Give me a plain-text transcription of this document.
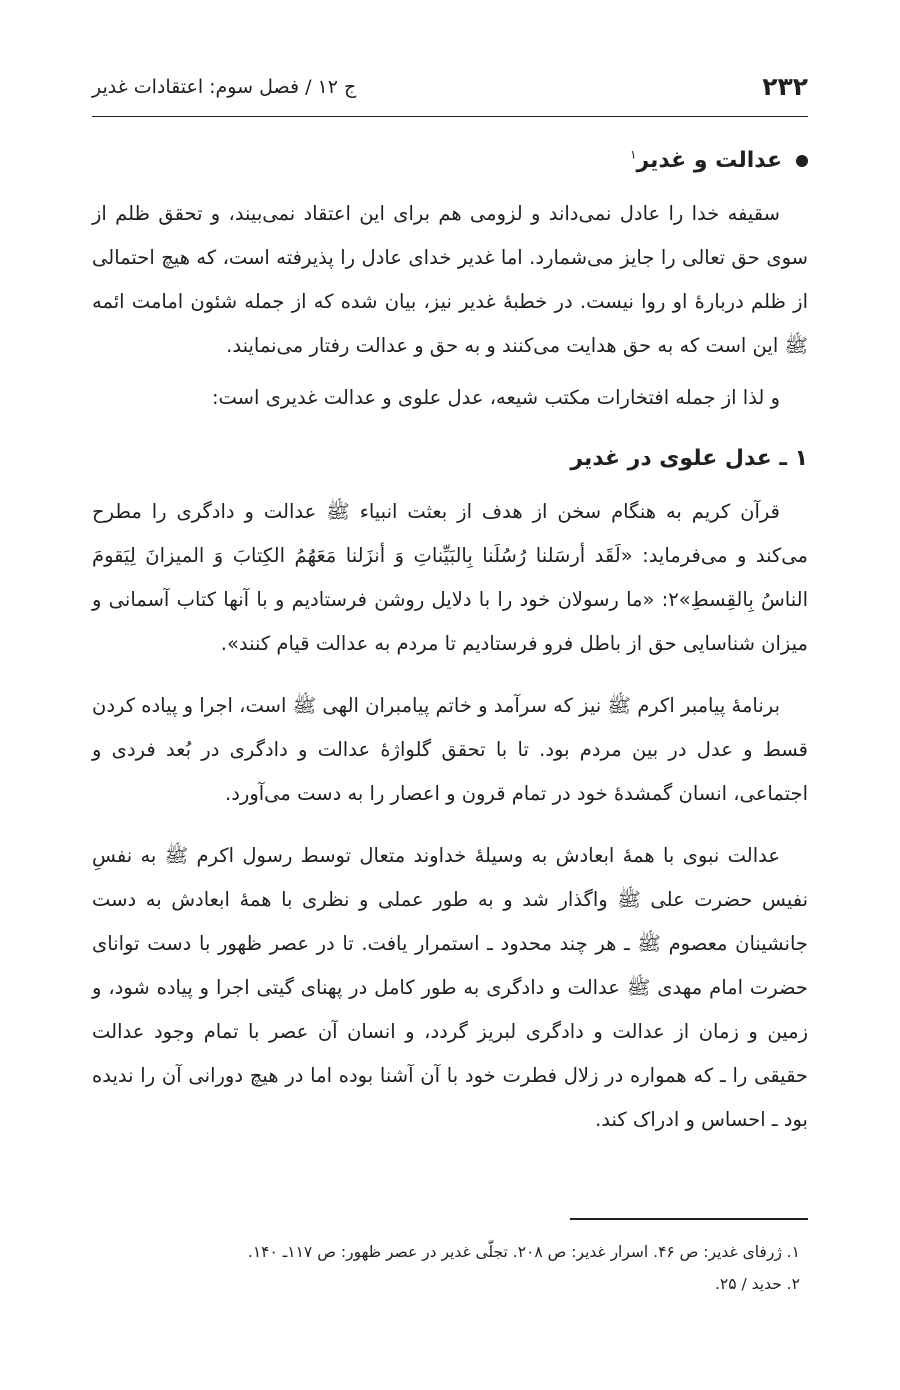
۲۳۲
ج ۱۲ / فصل سوم: اعتقادات غدیر
عدالت و غدیر$^۱$

سقیفه خدا را عادل نمی‌داند و لزومی هم برای این اعتقاد نمی‌بیند، و تحقق ظلم از سوی حق تعالی را جایز می‌شمارد. اما غدیر خدای عادل را پذیرفته است، که هیچ احتمالی از ظلم دربارۀ او روا نیست. در خطبۀ غدیر نیز، بیان شده که از جمله شئون امامت ائمه ﷺ این است که به حق هدایت می‌کنند و به حق و عدالت رفتار می‌نمایند.

و لذا از جمله افتخارات مکتب شیعه، عدل علوی و عدالت غدیری است:

۱ ـ عدل علوی در غدیر

قرآن کریم به هنگام سخن از هدف از بعثت انبیاء ﷺ عدالت و دادگری را مطرح می‌کند و می‌فرماید: «لَقَد أرسَلنا رُسُلَنا بِالبَیِّناتِ وَ أنزَلنا مَعَهُمُ الکِتابَ وَ المیزانَ لِیَقومَ الناسُ بِالقِسطِ»۲: «ما رسولان خود را با دلایل روشن فرستادیم و با آنها کتاب آسمانی و میزان شناسایی حق از باطل فرو فرستادیم تا مردم به عدالت قیام کنند».

برنامۀ پیامبر اکرم ﷺ نیز که سرآمد و خاتم پیامبران الهی ﷺ است، اجرا و پیاده کردن قسط و عدل در بین مردم بود. تا با تحقق گلواژۀ عدالت و دادگری در بُعد فردی و اجتماعی، انسان گمشدۀ خود در تمام قرون و اعصار را به دست می‌آورد.

عدالت نبوی با همۀ ابعادش به وسیلۀ خداوند متعال توسط رسول اکرم ﷺ به نفسِ نفیس حضرت علی ﷺ واگذار شد و به طور عملی و نظری با همۀ ابعادش به دست جانشینان معصوم ﷺ ـ هر چند محدود ـ استمرار یافت. تا در عصر ظهور با دست توانای حضرت امام مهدی ﷺ عدالت و دادگری به طور کامل در پهنای گیتی اجرا و پیاده شود، و زمین و زمان از عدالت و دادگری لبریز گردد، و انسان آن عصر با تمام وجود عدالت حقیقی را ـ که همواره در زلال فطرت خود با آن آشنا بوده اما در هیچ دورانی آن را ندیده بود ـ احساس و ادراک کند.

۱. ژرفای غدیر: ص ۴۶. اسرار غدیر: ص ۲۰۸. تجلّی غدیر در عصر ظهور: ص ۱۱۷ـ ۱۴۰.

۲. حدید / ۲۵.
